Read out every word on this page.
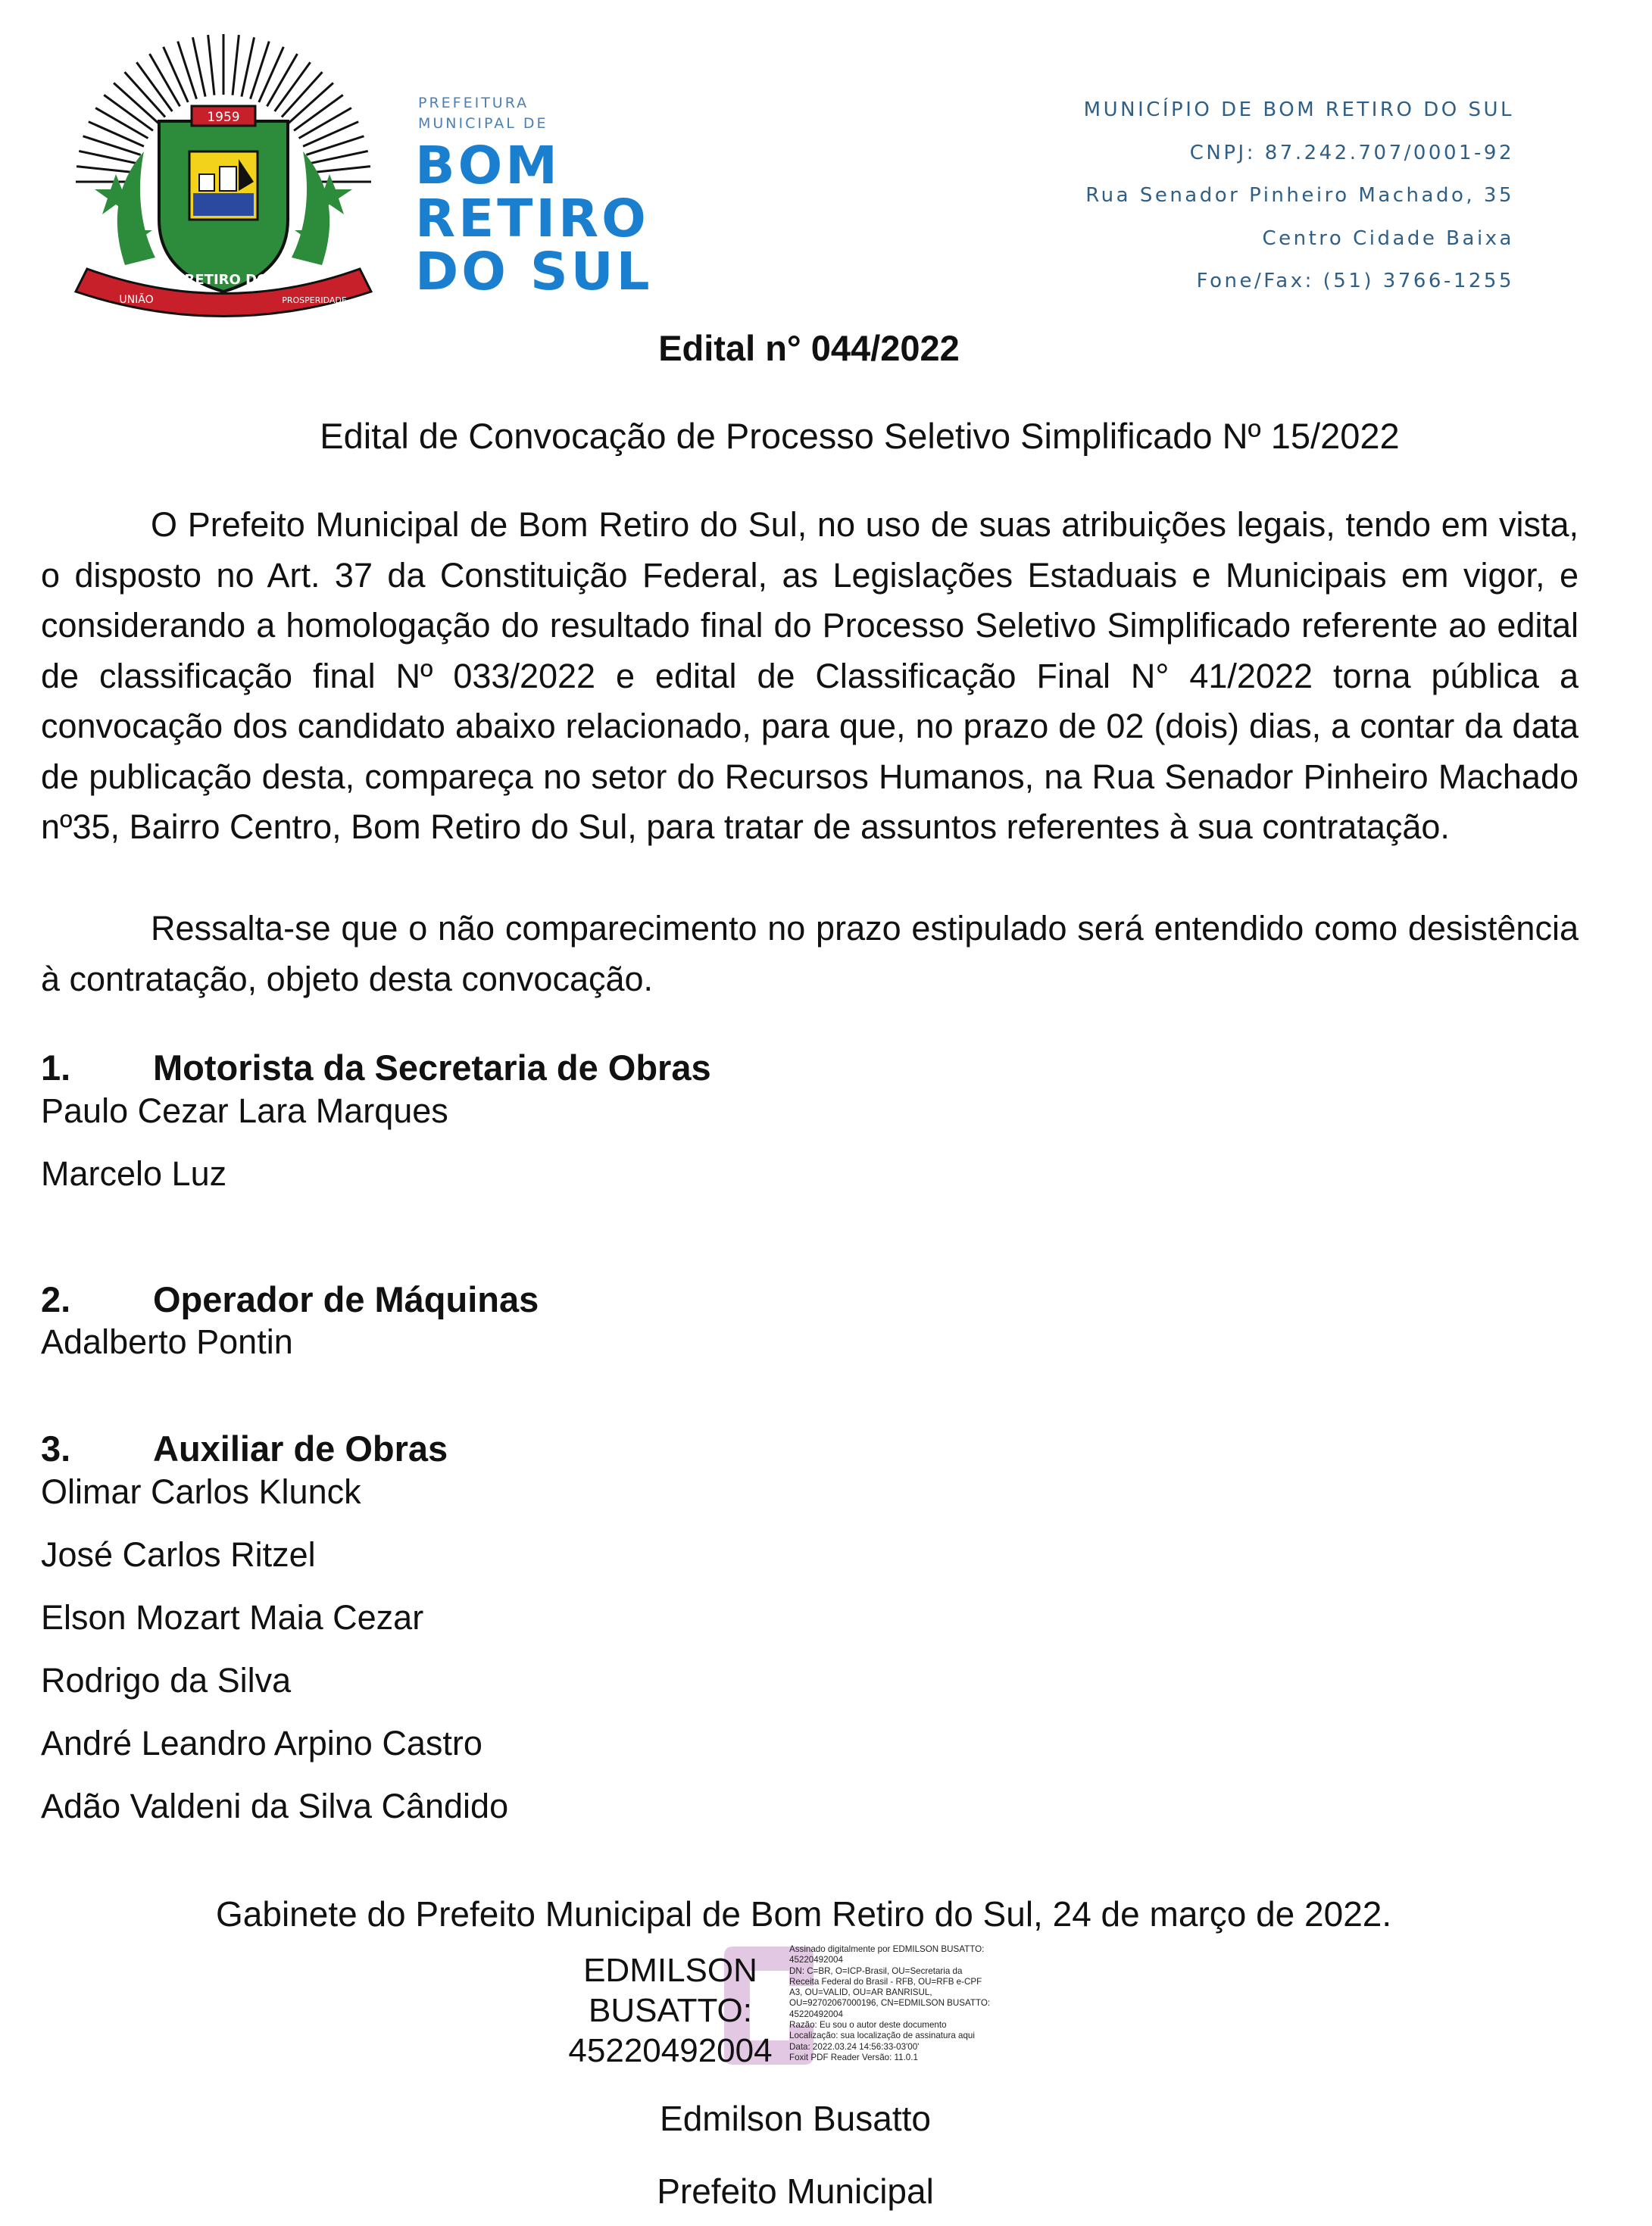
1959
BOM RETIRO DO SUL
UNIÃO	PROSPERIDADE
PREFEITURA
MUNICIPAL DE
BOM
RETIRO
DO SUL
MUNICÍPIO DE BOM RETIRO DO SUL
CNPJ: 87.242.707/0001-92
Rua Senador Pinheiro Machado, 35
Centro Cidade Baixa
Fone/Fax: (51) 3766-1255
Edital n° 044/2022
Edital de Convocação de Processo Seletivo Simplificado Nº 15/2022
O Prefeito Municipal de Bom Retiro do Sul, no uso de suas atribuições legais, tendo em vista, o disposto no Art. 37 da Constituição Federal, as Legislações Estaduais e Municipais em vigor, e considerando a homologação do resultado final do Processo Seletivo Simplificado referente ao edital de classificação final Nº 033/2022 e edital de Classificação Final N° 41/2022 torna pública a convocação dos candidato abaixo relacionado, para que, no prazo de 02 (dois) dias, a contar da data de publicação desta, compareça no setor do Recursos Humanos, na Rua Senador Pinheiro Machado nº35, Bairro Centro, Bom Retiro do Sul, para tratar de assuntos referentes à sua contratação.
Ressalta-se que o não comparecimento no prazo estipulado será entendido como desistência à contratação, objeto desta convocação.
1. Motorista da Secretaria de Obras
Paulo Cezar Lara Marques
Marcelo Luz
2. Operador de Máquinas
Adalberto Pontin
3. Auxiliar de Obras
Olimar Carlos Klunck
José Carlos Ritzel
Elson Mozart Maia Cezar
Rodrigo da Silva
André Leandro Arpino Castro
Adão Valdeni da Silva Cândido
Gabinete do Prefeito Municipal de Bom Retiro do Sul, 24 de março de 2022.
EDMILSON
BUSATTO:
45220492004
Assinado digitalmente por EDMILSON BUSATTO:
45220492004
DN: C=BR, O=ICP-Brasil, OU=Secretaria da
Receita Federal do Brasil - RFB, OU=RFB e-CPF
A3, OU=VALID, OU=AR BANRISUL,
OU=92702067000196, CN=EDMILSON BUSATTO:
45220492004
Razão: Eu sou o autor deste documento
Localização: sua localização de assinatura aqui
Data: 2022.03.24 14:56:33-03'00'
Foxit PDF Reader Versão: 11.0.1
Edmilson Busatto
Prefeito Municipal
